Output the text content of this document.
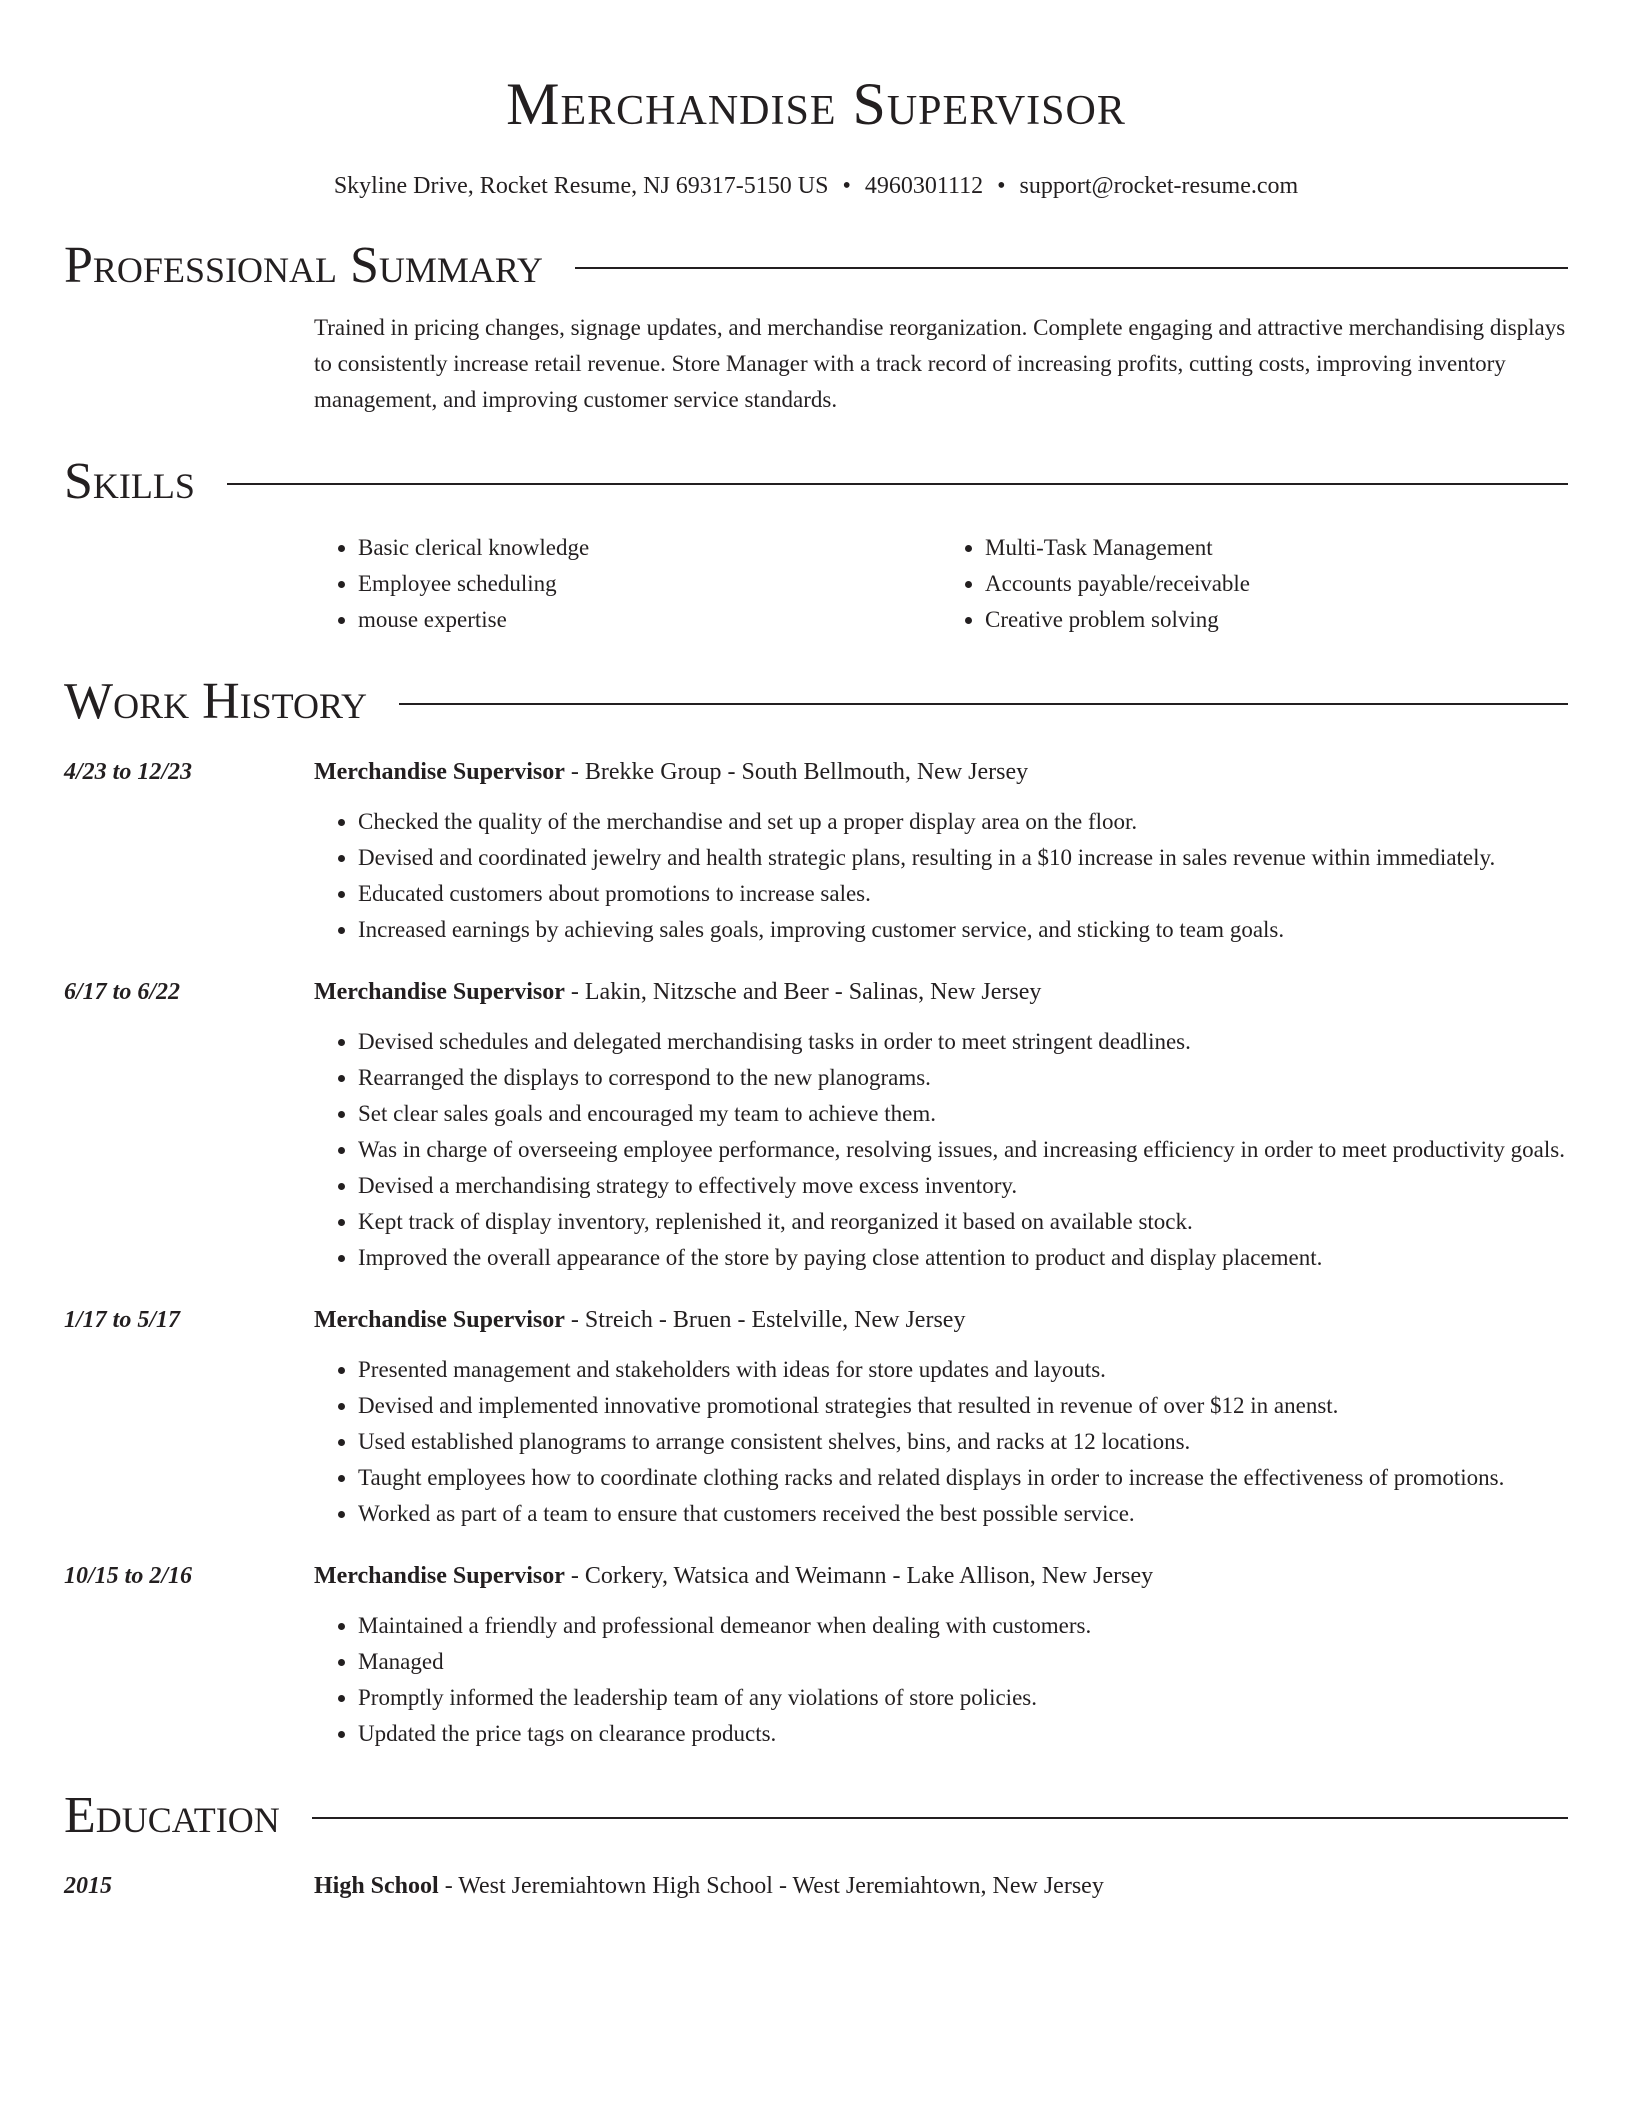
Merchandise Supervisor
Skyline Drive, Rocket Resume, NJ 69317-5150 US • 4960301112 • support@rocket-resume.com
Professional Summary
Trained in pricing changes, signage updates, and merchandise reorganization. Complete engaging and attractive merchandising displays to consistently increase retail revenue. Store Manager with a track record of increasing profits, cutting costs, improving inventory management, and improving customer service standards.
Skills
• Basic clerical knowledge
• Employee scheduling
• mouse expertise
• Multi-Task Management
• Accounts payable/receivable
• Creative problem solving
Work History
4/23 to 12/23	Merchandise Supervisor - Brekke Group - South Bellmouth, New Jersey
• Checked the quality of the merchandise and set up a proper display area on the floor.
• Devised and coordinated jewelry and health strategic plans, resulting in a $10 increase in sales revenue within immediately.
• Educated customers about promotions to increase sales.
• Increased earnings by achieving sales goals, improving customer service, and sticking to team goals.
6/17 to 6/22	Merchandise Supervisor - Lakin, Nitzsche and Beer - Salinas, New Jersey
• Devised schedules and delegated merchandising tasks in order to meet stringent deadlines.
• Rearranged the displays to correspond to the new planograms.
• Set clear sales goals and encouraged my team to achieve them.
• Was in charge of overseeing employee performance, resolving issues, and increasing efficiency in order to meet productivity goals.
• Devised a merchandising strategy to effectively move excess inventory.
• Kept track of display inventory, replenished it, and reorganized it based on available stock.
• Improved the overall appearance of the store by paying close attention to product and display placement.
1/17 to 5/17	Merchandise Supervisor - Streich - Bruen - Estelville, New Jersey
• Presented management and stakeholders with ideas for store updates and layouts.
• Devised and implemented innovative promotional strategies that resulted in revenue of over $12 in anenst.
• Used established planograms to arrange consistent shelves, bins, and racks at 12 locations.
• Taught employees how to coordinate clothing racks and related displays in order to increase the effectiveness of promotions.
• Worked as part of a team to ensure that customers received the best possible service.
10/15 to 2/16	Merchandise Supervisor - Corkery, Watsica and Weimann - Lake Allison, New Jersey
• Maintained a friendly and professional demeanor when dealing with customers.
• Managed
• Promptly informed the leadership team of any violations of store policies.
• Updated the price tags on clearance products.
Education
2015	High School - West Jeremiahtown High School - West Jeremiahtown, New Jersey
